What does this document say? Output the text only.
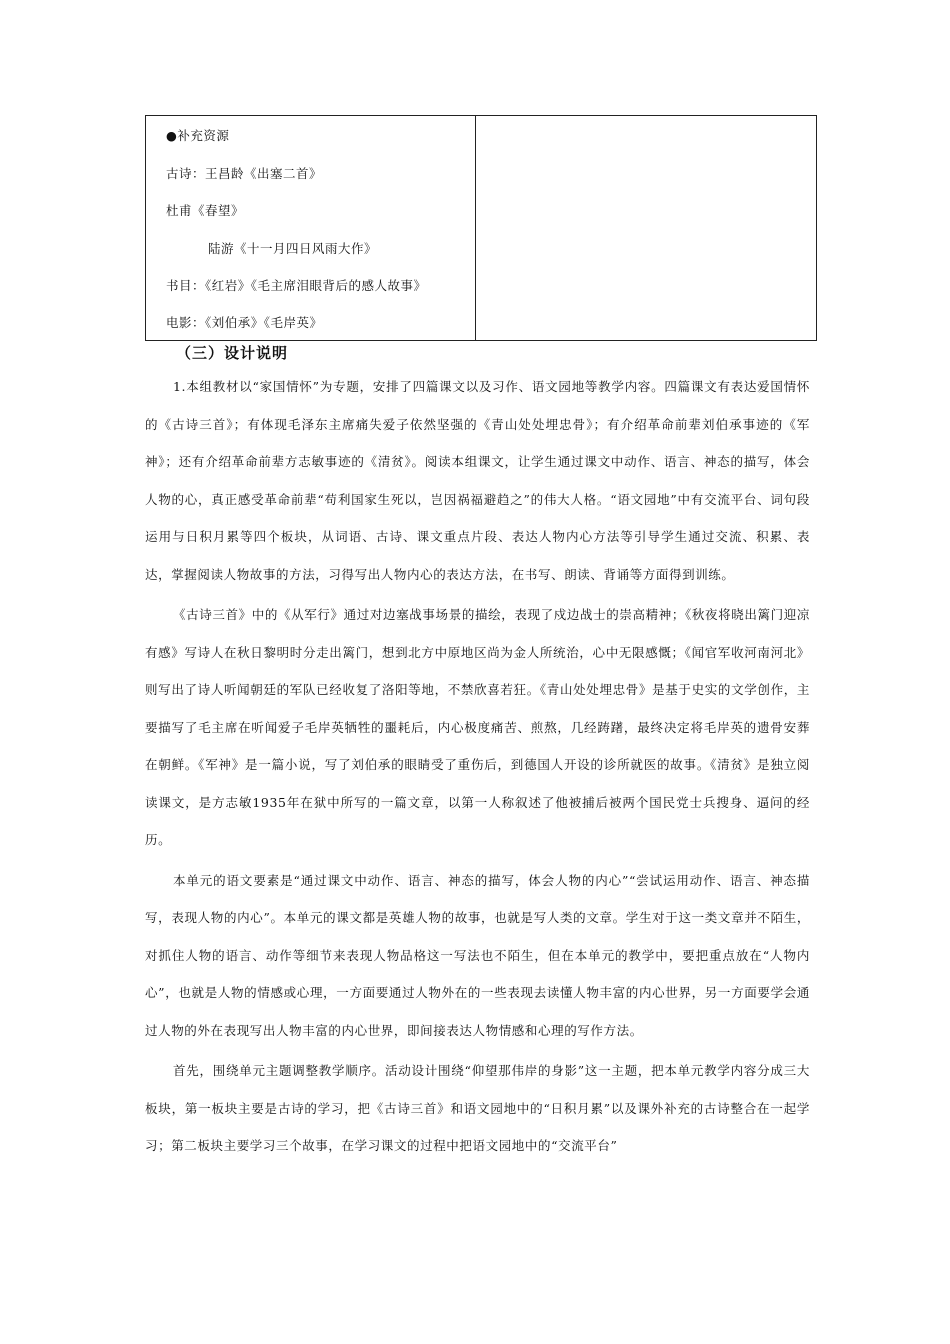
●补充资源
古诗：王昌龄《出塞二首》
杜甫《春望》
陆游《十一月四日风雨大作》
书目：《红岩》《毛主席泪眼背后的感人故事》
电影：《刘伯承》《毛岸英》
（三）设计说明

1.本组教材以“家国情怀”为专题，安排了四篇课文以及习作、语文园地等教学内容。四篇课文有表达爱国情怀的《古诗三首》；有体现毛泽东主席痛失爱子依然坚强的《青山处处埋忠骨》；有介绍革命前辈刘伯承事迹的《军神》；还有介绍革命前辈方志敏事迹的《清贫》。阅读本组课文，让学生通过课文中动作、语言、神态的描写，体会人物的心，真正感受革命前辈“苟利国家生死以，岂因祸福避趋之”的伟大人格。“语文园地”中有交流平台、词句段运用与日积月累等四个板块，从词语、古诗、课文重点片段、表达人物内心方法等引导学生通过交流、积累、表达，掌握阅读人物故事的方法，习得写出人物内心的表达方法，在书写、朗读、背诵等方面得到训练。

《古诗三首》中的《从军行》通过对边塞战事场景的描绘，表现了戍边战士的崇高精神；《秋夜将晓出篱门迎凉有感》写诗人在秋日黎明时分走出篱门，想到北方中原地区尚为金人所统治，心中无限感慨；《闻官军收河南河北》则写出了诗人听闻朝廷的军队已经收复了洛阳等地，不禁欣喜若狂。《青山处处埋忠骨》是基于史实的文学创作，主要描写了毛主席在听闻爱子毛岸英牺牲的噩耗后，内心极度痛苦、煎熬，几经踌躇，最终决定将毛岸英的遗骨安葬在朝鲜。《军神》是一篇小说，写了刘伯承的眼睛受了重伤后，到德国人开设的诊所就医的故事。《清贫》是独立阅读课文，是方志敏1935年在狱中所写的一篇文章，以第一人称叙述了他被捕后被两个国民党士兵搜身、逼问的经历。

本单元的语文要素是“通过课文中动作、语言、神态的描写，体会人物的内心”“尝试运用动作、语言、神态描写，表现人物的内心”。本单元的课文都是英雄人物的故事，也就是写人类的文章。学生对于这一类文章并不陌生，对抓住人物的语言、动作等细节来表现人物品格这一写法也不陌生，但在本单元的教学中，要把重点放在“人物内心”，也就是人物的情感或心理，一方面要通过人物外在的一些表现去读懂人物丰富的内心世界，另一方面要学会通过人物的外在表现写出人物丰富的内心世界，即间接表达人物情感和心理的写作方法。

首先，围绕单元主题调整教学顺序。活动设计围绕“仰望那伟岸的身影”这一主题，把本单元教学内容分成三大板块，第一板块主要是古诗的学习，把《古诗三首》和语文园地中的“日积月累”以及课外补充的古诗整合在一起学习；第二板块主要学习三个故事，在学习课文的过程中把语文园地中的“交流平台”
